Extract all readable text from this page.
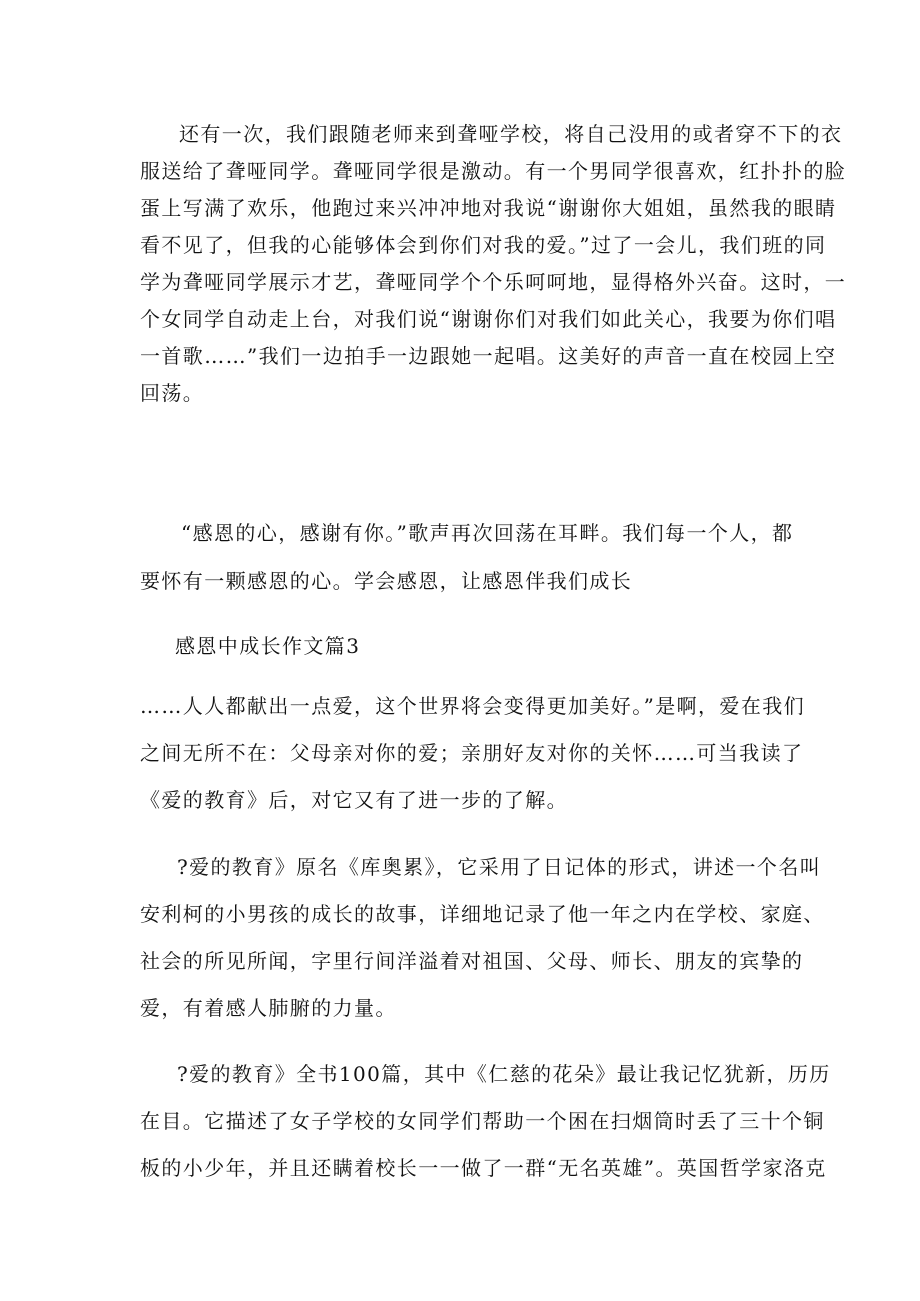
还有一次，我们跟随老师来到聋哑学校，将自己没用的或者穿不下的衣
服送给了聋哑同学。聋哑同学很是激动。有一个男同学很喜欢，红扑扑的脸
蛋上写满了欢乐，他跑过来兴冲冲地对我说“谢谢你大姐姐，虽然我的眼睛
看不见了，但我的心能够体会到你们对我的爱。”过了一会儿，我们班的同
学为聋哑同学展示才艺，聋哑同学个个乐呵呵地，显得格外兴奋。这时，一
个女同学自动走上台，对我们说“谢谢你们对我们如此关心，我要为你们唱
一首歌……”我们一边拍手一边跟她一起唱。这美好的声音一直在校园上空
回荡。
“感恩的心，感谢有你。”歌声再次回荡在耳畔。我们每一个人，都
要怀有一颗感恩的心。学会感恩，让感恩伴我们成长
感恩中成长作文篇3
……人人都献出一点爱，这个世界将会变得更加美好。”是啊，爱在我们
之间无所不在：父母亲对你的爱；亲朋好友对你的关怀……可当我读了
《爱的教育》后，对它又有了进一步的了解。
?爱的教育》原名《库奥累》，它采用了日记体的形式，讲述一个名叫
安利柯的小男孩的成长的故事，详细地记录了他一年之内在学校、家庭、
社会的所见所闻，字里行间洋溢着对祖国、父母、师长、朋友的宾挚的
爱，有着感人肺腑的力量。
?爱的教育》全书100篇，其中《仁慈的花朵》最让我记忆犹新，历历
在目。它描述了女子学校的女同学们帮助一个困在扫烟筒时丢了三十个铜
板的小少年，并且还瞒着校长一一做了一群“无名英雄”。英国哲学家洛克
